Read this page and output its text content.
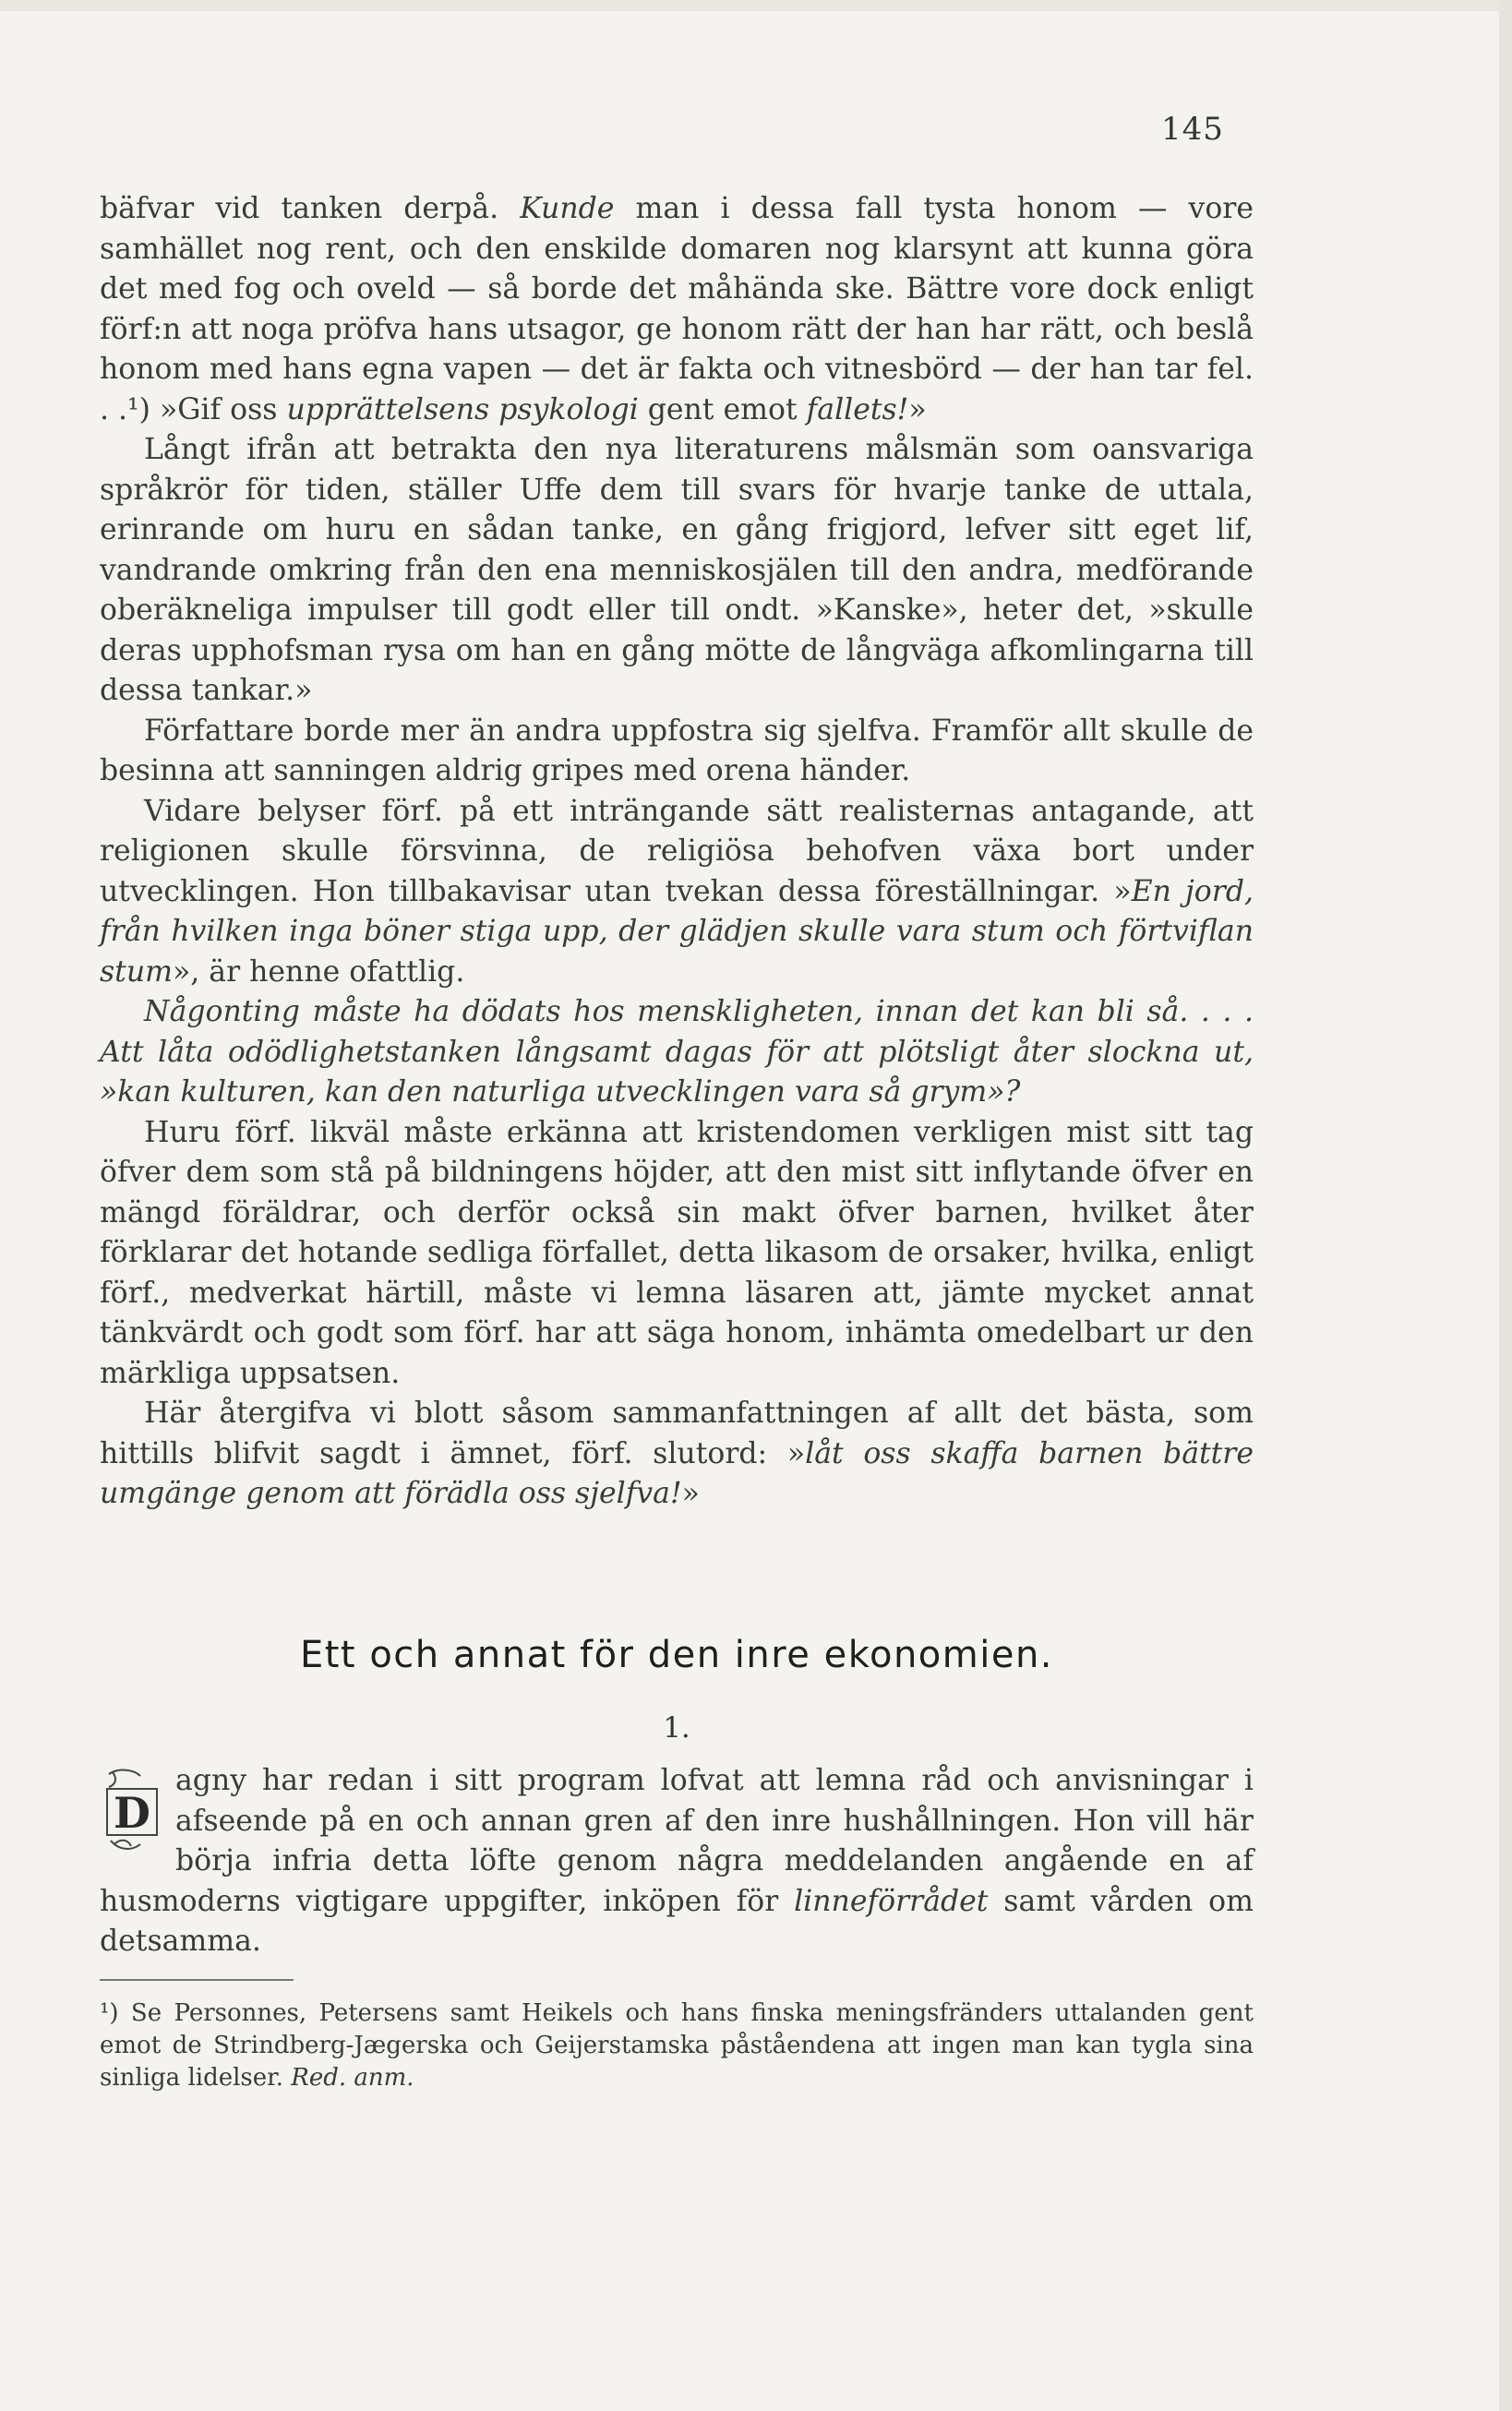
145

bäfvar vid tanken derpå. Kunde man i dessa fall tysta honom — vore samhället nog rent, och den enskilde domaren nog klarsynt att kunna göra det med fog och oveld — så borde det måhända ske. Bättre vore dock enligt förf:n att noga pröfva hans utsagor, ge honom rätt der han har rätt, och beslå honom med hans egna vapen — det är fakta och vitnesbörd — der han tar fel. . .¹) »Gif oss upprättelsens psykologi gent emot fallets!»

Långt ifrån att betrakta den nya literaturens målsmän som oansvariga språkrör för tiden, ställer Uffe dem till svars för hvarje tanke de uttala, erinrande om huru en sådan tanke, en gång frigjord, lefver sitt eget lif, vandrande omkring från den ena menniskosjälen till den andra, medförande oberäkneliga impulser till godt eller till ondt. »Kanske», heter det, »skulle deras upphofsman rysa om han en gång mötte de långväga afkomlingarna till dessa tankar.»

Författare borde mer än andra uppfostra sig sjelfva. Framför allt skulle de besinna att sanningen aldrig gripes med orena händer.

Vidare belyser förf. på ett inträngande sätt realisternas antagande, att religionen skulle försvinna, de religiösa behofven växa bort under utvecklingen. Hon tillbakavisar utan tvekan dessa föreställningar. »En jord, från hvilken inga böner stiga upp, der glädjen skulle vara stum och förtviflan stum», är henne ofattlig.

Någonting måste ha dödats hos menskligheten, innan det kan bli så. . . . Att låta odödlighetstanken långsamt dagas för att plötsligt åter slockna ut, »kan kulturen, kan den naturliga utvecklingen vara så grym»?

Huru förf. likväl måste erkänna att kristendomen verkligen mist sitt tag öfver dem som stå på bildningens höjder, att den mist sitt inflytande öfver en mängd föräldrar, och derför också sin makt öfver barnen, hvilket åter förklarar det hotande sedliga förfallet, detta likasom de orsaker, hvilka, enligt förf., medverkat härtill, måste vi lemna läsaren att, jämte mycket annat tänkvärdt och godt som förf. har att säga honom, inhämta omedelbart ur den märkliga uppsatsen.

Här återgifva vi blott såsom sammanfattningen af allt det bästa, som hittills blifvit sagdt i ämnet, förf. slutord: »låt oss skaffa barnen bättre umgänge genom att förädla oss sjelfva!»

Ett och annat för den inre ekonomien.
1.
D
agny har redan i sitt program lofvat att lemna råd och anvisningar i afseende på en och annan gren af den inre hushållningen. Hon vill här börja infria detta löfte genom några meddelanden angående en af husmoderns vigtigare uppgifter, inköpen för linneförrådet samt vården om detsamma.
¹) Se Personnes, Petersens samt Heikels och hans finska meningsfränders uttalanden gent emot de Strindberg-Jægerska och Geijerstamska påståendena att ingen man kan tygla sina sinliga lidelser. Red. anm.
